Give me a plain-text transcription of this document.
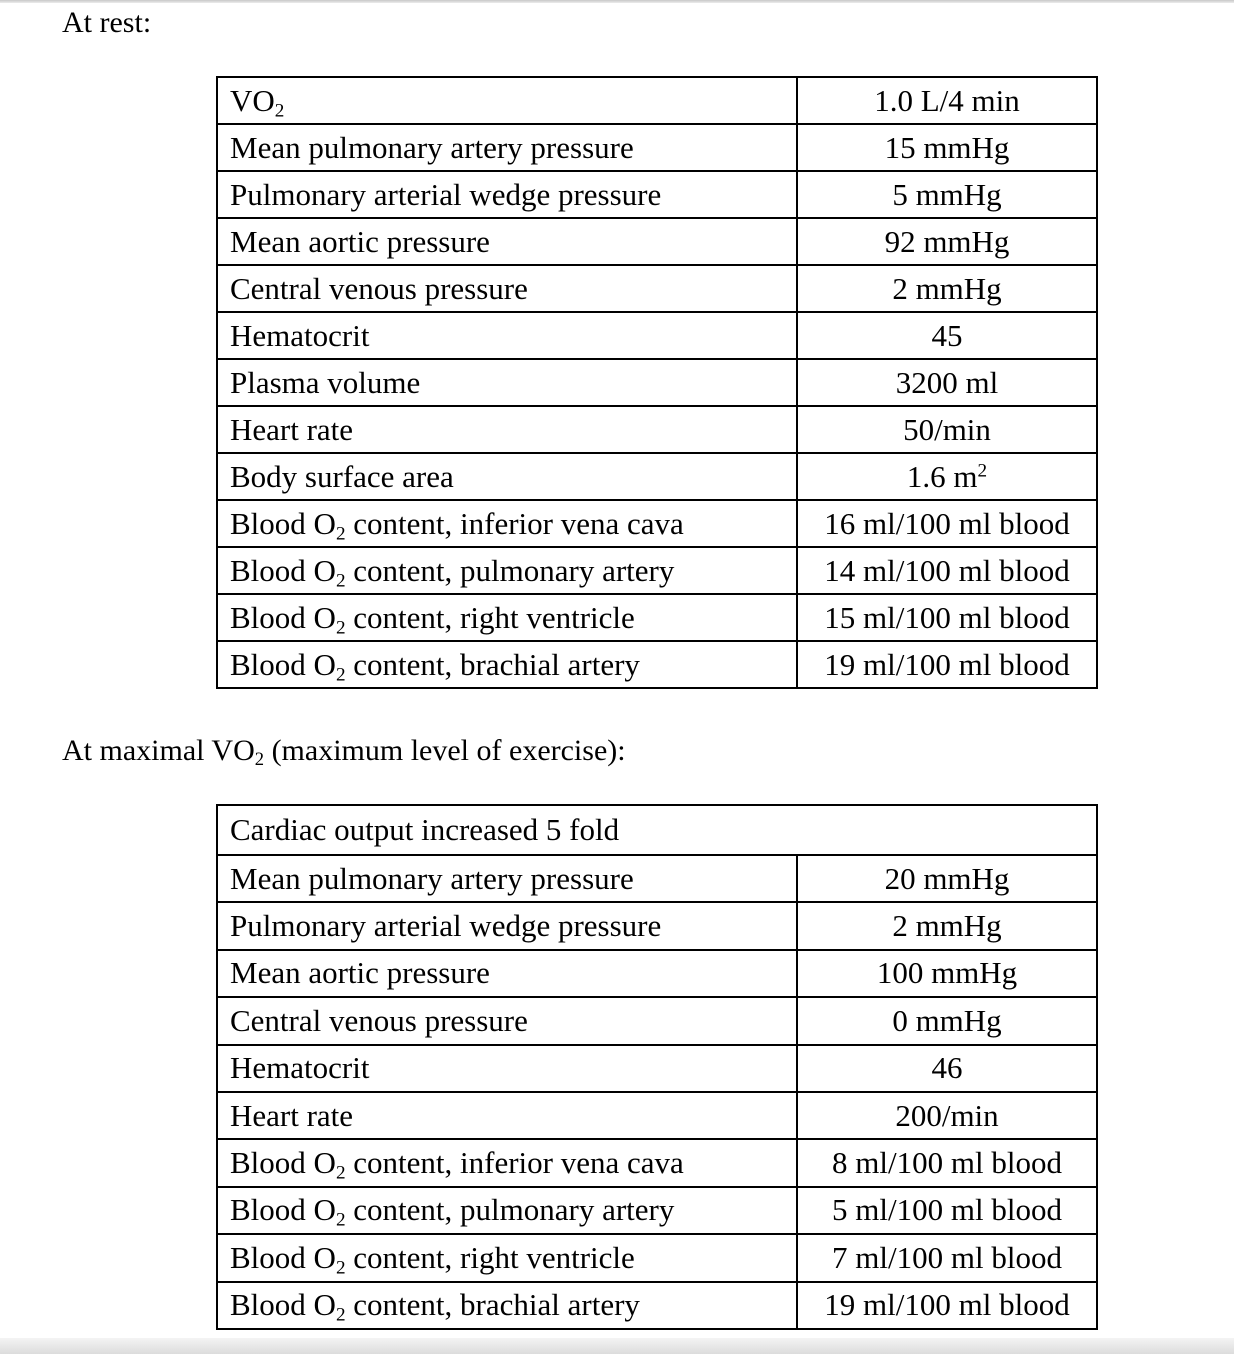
At rest:
$VO_2$	1.0 L/4 min
Mean pulmonary artery pressure	15 mmHg
Pulmonary arterial wedge pressure	5 mmHg
Mean aortic pressure	92 mmHg
Central venous pressure	2 mmHg
Hematocrit	45
Plasma volume	3200 ml
Heart rate	50/min
Body surface area	1.6 $m^2$
Blood $O_2$ content, inferior vena cava	16 ml/100 ml blood
Blood $O_2$ content, pulmonary artery	14 ml/100 ml blood
Blood $O_2$ content, right ventricle	15 ml/100 ml blood
Blood $O_2$ content, brachial artery	19 ml/100 ml blood
At maximal $VO_2$ (maximum level of exercise):
Cardiac output increased 5 fold	
Mean pulmonary artery pressure	20 mmHg
Pulmonary arterial wedge pressure	2 mmHg
Mean aortic pressure	100 mmHg
Central venous pressure	0 mmHg
Hematocrit	46
Heart rate	200/min
Blood $O_2$ content, inferior vena cava	8 ml/100 ml blood
Blood $O_2$ content, pulmonary artery	5 ml/100 ml blood
Blood $O_2$ content, right ventricle	7 ml/100 ml blood
Blood $O_2$ content, brachial artery	19 ml/100 ml blood
